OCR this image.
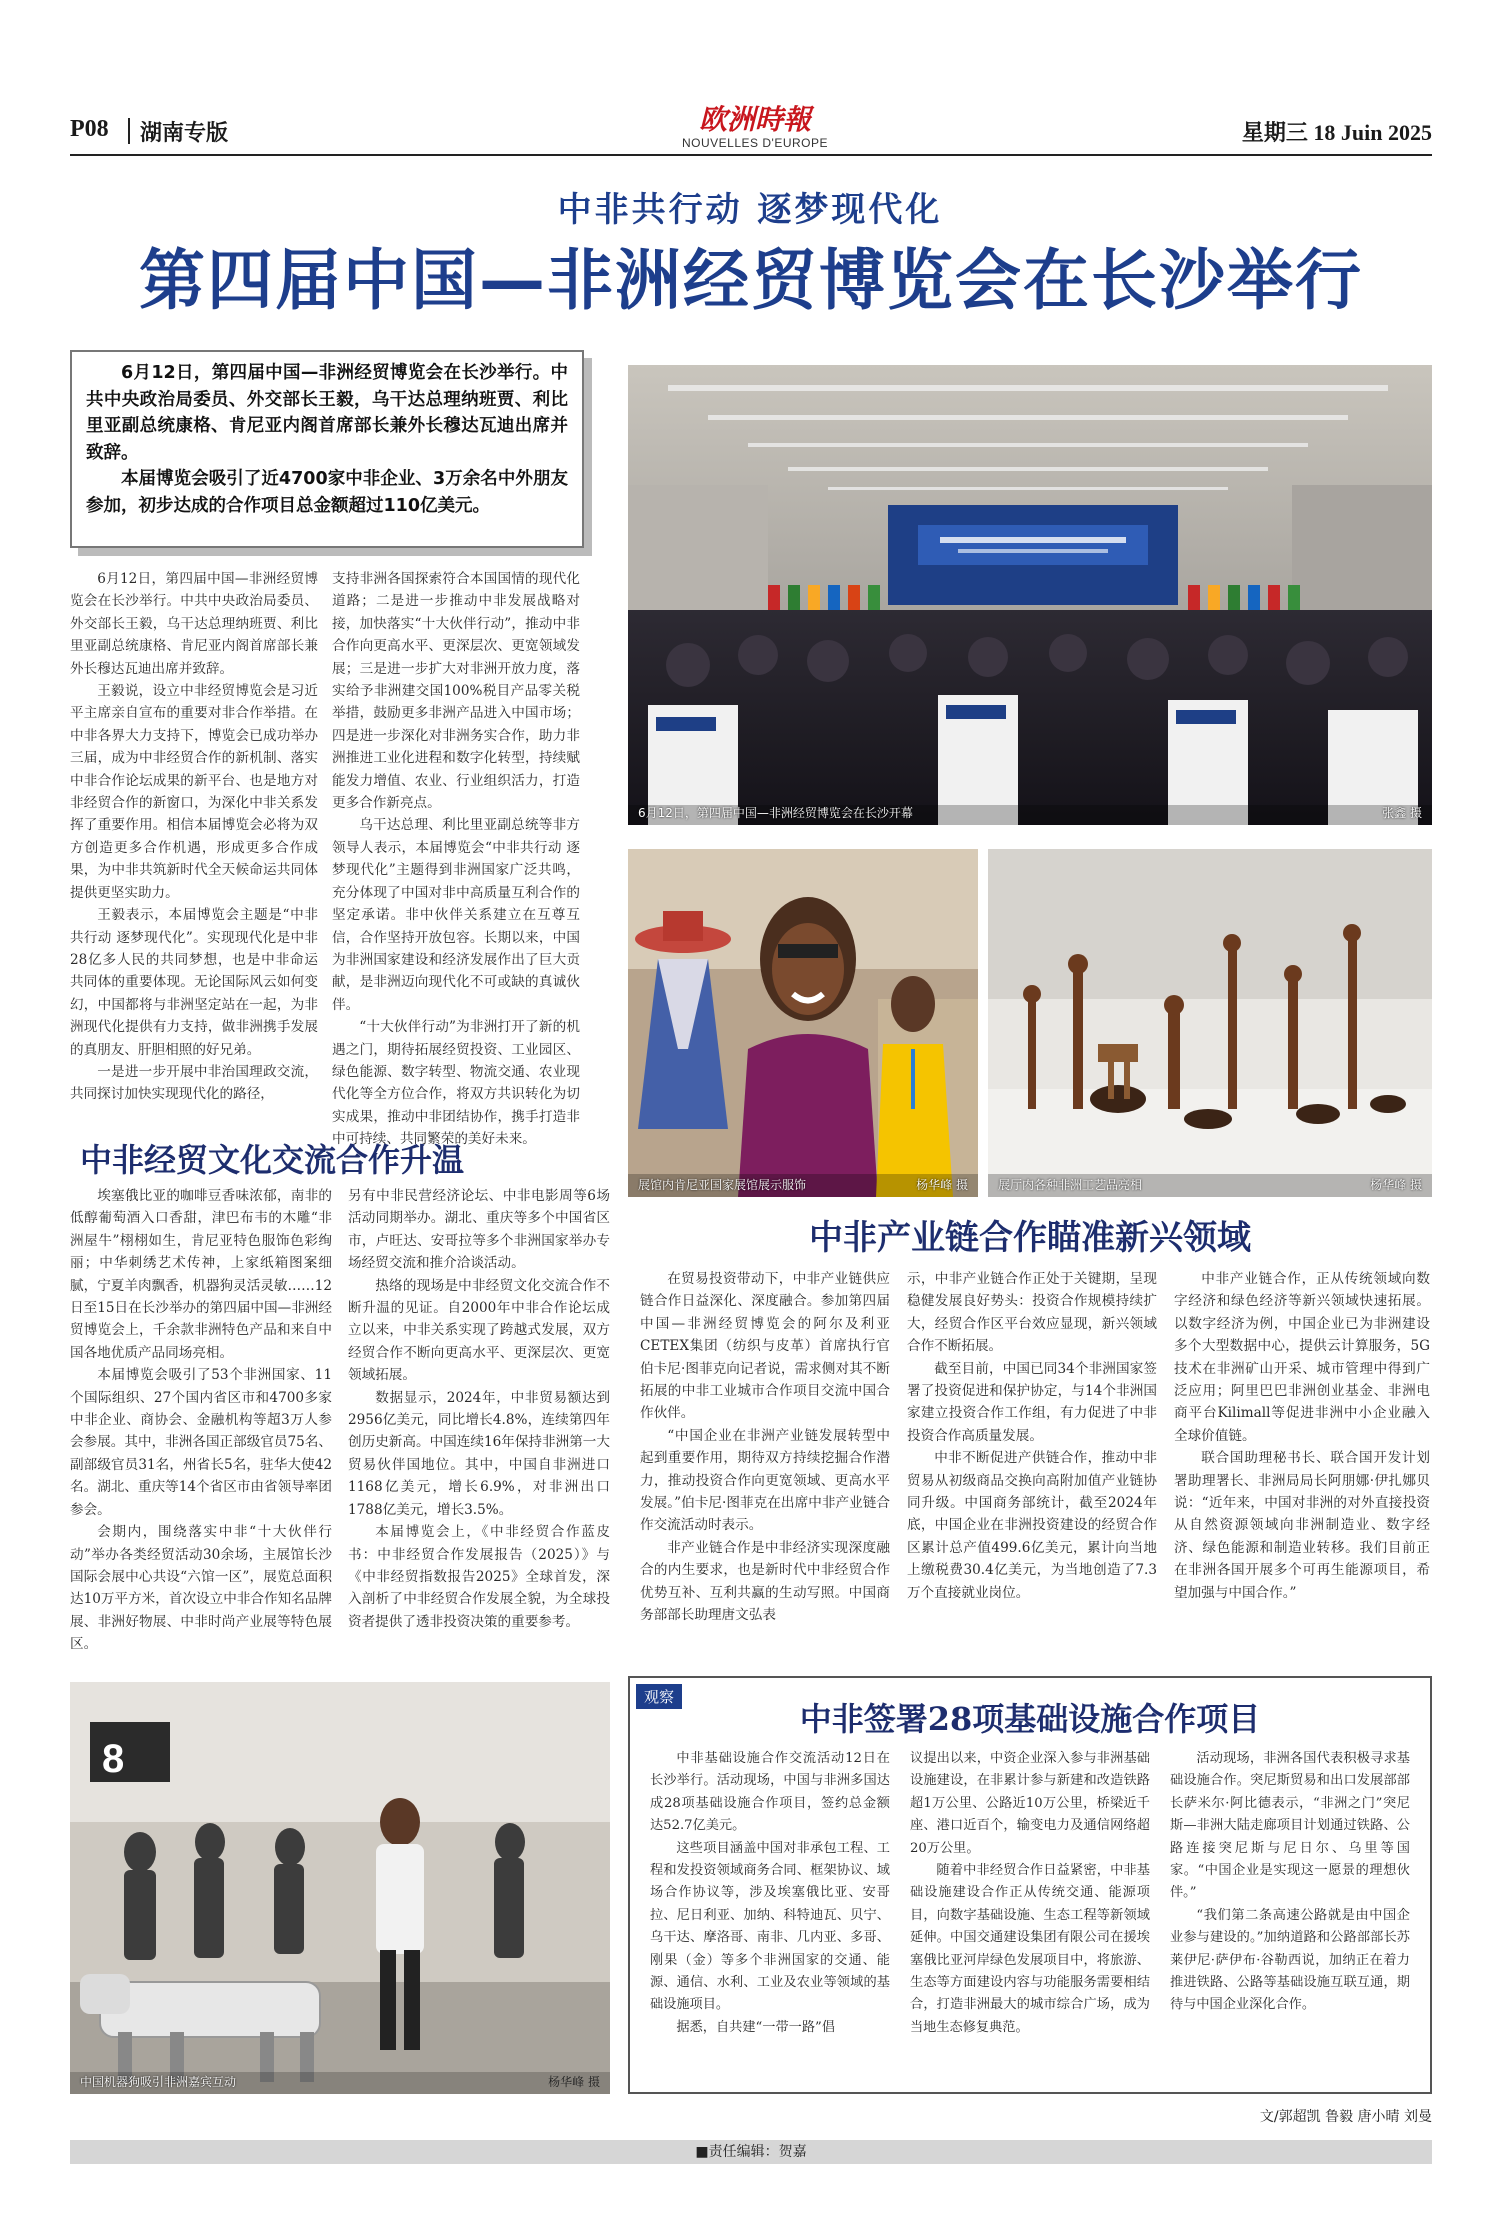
P08 湖南专版	欧洲時報
NOUVELLES D'EUROPE	星期三 18 Juin 2025
中非共行动 逐梦现代化
第四届中国—非洲经贸博览会在长沙举行

6月12日，第四届中国—非洲经贸博览会在长沙举行。中共中央政治局委员、外交部长王毅，乌干达总理纳班贾、利比里亚副总统康格、肯尼亚内阁首席部长兼外长穆达瓦迪出席并致辞。

本届博览会吸引了近4700家中非企业、3万余名中外朋友参加，初步达成的合作项目总金额超过110亿美元。

6月12日，第四届中国—非洲经贸博览会在长沙举行。中共中央政治局委员、外交部长王毅，乌干达总理纳班贾、利比里亚副总统康格、肯尼亚内阁首席部长兼外长穆达瓦迪出席并致辞。

王毅说，设立中非经贸博览会是习近平主席亲自宣布的重要对非合作举措。在中非各界大力支持下，博览会已成功举办三届，成为中非经贸合作的新机制、落实中非合作论坛成果的新平台、也是地方对非经贸合作的新窗口，为深化中非关系发挥了重要作用。相信本届博览会必将为双方创造更多合作机遇，形成更多合作成果，为中非共筑新时代全天候命运共同体提供更坚实助力。

王毅表示，本届博览会主题是“中非共行动 逐梦现代化”。实现现代化是中非28亿多人民的共同梦想，也是中非命运共同体的重要体现。无论国际风云如何变幻，中国都将与非洲坚定站在一起，为非洲现代化提供有力支持，做非洲携手发展的真朋友、肝胆相照的好兄弟。

一是进一步开展中非治国理政交流，共同探讨加快实现现代化的路径，

支持非洲各国探索符合本国国情的现代化道路；二是进一步推动中非发展战略对接，加快落实“十大伙伴行动”，推动中非合作向更高水平、更深层次、更宽领域发展；三是进一步扩大对非洲开放力度，落实给予非洲建交国100%税目产品零关税举措，鼓励更多非洲产品进入中国市场；四是进一步深化对非洲务实合作，助力非洲推进工业化进程和数字化转型，持续赋能发力增值、农业、行业组织活力，打造更多合作新亮点。

乌干达总理、利比里亚副总统等非方领导人表示，本届博览会“中非共行动 逐梦现代化”主题得到非洲国家广泛共鸣，充分体现了中国对非中高质量互利合作的坚定承诺。非中伙伴关系建立在互尊互信，合作坚持开放包容。长期以来，中国为非洲国家建设和经济发展作出了巨大贡献，是非洲迈向现代化不可或缺的真诚伙伴。

“十大伙伴行动”为非洲打开了新的机遇之门，期待拓展经贸投资、工业园区、绿色能源、数字转型、物流交通、农业现代化等全方位合作，将双方共识转化为切实成果，推动中非团结协作，携手打造非中可持续、共同繁荣的美好未来。

6月12日，第四届中国—非洲经贸博览会在长沙开幕	张鑫 摄
展馆内肯尼亚国家展馆展示服饰	杨华峰 摄	展厅内各种非洲工艺品亮相	杨华峰 摄
中非经贸文化交流合作升温

埃塞俄比亚的咖啡豆香味浓郁，南非的低醇葡萄酒入口香甜，津巴布韦的木雕“非洲屋牛”栩栩如生，肯尼亚特色服饰色彩绚丽；中华刺绣艺术传神，上家纸箱图案细腻，宁夏羊肉飘香，机器狗灵活灵敏……12日至15日在长沙举办的第四届中国—非洲经贸博览会上，千余款非洲特色产品和来自中国各地优质产品同场亮相。

本届博览会吸引了53个非洲国家、11个国际组织、27个国内省区市和4700多家中非企业、商协会、金融机构等超3万人参会参展。其中，非洲各国正部级官员75名、副部级官员31名，州省长5名，驻华大使42名。湖北、重庆等14个省区市由省领导率团参会。

会期内，围绕落实中非“十大伙伴行动”举办各类经贸活动30余场，主展馆长沙国际会展中心共设“六馆一区”，展览总面积达10万平方米，首次设立中非合作知名品牌展、非洲好物展、中非时尚产业展等特色展区。

另有中非民营经济论坛、中非电影周等6场活动同期举办。湖北、重庆等多个中国省区市，卢旺达、安哥拉等多个非洲国家举办专场经贸交流和推介洽谈活动。

热络的现场是中非经贸文化交流合作不断升温的见证。自2000年中非合作论坛成立以来，中非关系实现了跨越式发展，双方经贸合作不断向更高水平、更深层次、更宽领域拓展。

数据显示，2024年，中非贸易额达到2956亿美元，同比增长4.8%，连续第四年创历史新高。中国连续16年保持非洲第一大贸易伙伴国地位。其中，中国自非洲进口1168亿美元，增长6.9%，对非洲出口1788亿美元，增长3.5%。

本届博览会上，《中非经贸合作蓝皮书：中非经贸合作发展报告（2025）》与《中非经贸指数报告2025》全球首发，深入剖析了中非经贸合作发展全貌，为全球投资者提供了透非投资决策的重要参考。

中非产业链合作瞄准新兴领域

在贸易投资带动下，中非产业链供应链合作日益深化、深度融合。参加第四届中国—非洲经贸博览会的阿尔及利亚CETEX集团（纺织与皮革）首席执行官伯卡尼·图菲克向记者说，需求侧对其不断拓展的中非工业城市合作项目交流中国合作伙伴。

“中国企业在非洲产业链发展转型中起到重要作用，期待双方持续挖掘合作潜力，推动投资合作向更宽领域、更高水平发展。”伯卡尼·图菲克在出席中非产业链合作交流活动时表示。

非产业链合作是中非经济实现深度融合的内生要求，也是新时代中非经贸合作优势互补、互利共赢的生动写照。中国商务部部长助理唐文弘表

示，中非产业链合作正处于关键期，呈现稳健发展良好势头：投资合作规模持续扩大，经贸合作区平台效应显现，新兴领域合作不断拓展。

截至目前，中国已同34个非洲国家签署了投资促进和保护协定，与14个非洲国家建立投资合作工作组，有力促进了中非投资合作高质量发展。

中非不断促进产供链合作，推动中非贸易从初级商品交换向高附加值产业链协同升级。中国商务部统计，截至2024年底，中国企业在非洲投资建设的经贸合作区累计总产值499.6亿美元，累计向当地上缴税费30.4亿美元，为当地创造了7.3万个直接就业岗位。

中非产业链合作，正从传统领域向数字经济和绿色经济等新兴领域快速拓展。以数字经济为例，中国企业已为非洲建设多个大型数据中心，提供云计算服务，5G技术在非洲矿山开采、城市管理中得到广泛应用；阿里巴巴非洲创业基金、非洲电商平台Kilimall等促进非洲中小企业融入全球价值链。

联合国助理秘书长、联合国开发计划署助理署长、非洲局局长阿朋娜·伊扎娜贝说：“近年来，中国对非洲的对外直接投资从自然资源领域向非洲制造业、数字经济、绿色能源和制造业转移。我们目前正在非洲各国开展多个可再生能源项目，希望加强与中国合作。”

8
中国机器狗吸引非洲嘉宾互动	杨华峰 摄
观察
中非签署28项基础设施合作项目

中非基础设施合作交流活动12日在长沙举行。活动现场，中国与非洲多国达成28项基础设施合作项目，签约总金额达52.7亿美元。

这些项目涵盖中国对非承包工程、工程和发投资领域商务合同、框架协议、域场合作协议等，涉及埃塞俄比亚、安哥拉、尼日利亚、加纳、科特迪瓦、贝宁、乌干达、摩洛哥、南非、几内亚、多哥、刚果（金）等多个非洲国家的交通、能源、通信、水利、工业及农业等领域的基础设施项目。

据悉，自共建“一带一路”倡

议提出以来，中资企业深入参与非洲基础设施建设，在非累计参与新建和改造铁路超1万公里、公路近10万公里，桥梁近千座、港口近百个，输变电力及通信网络超20万公里。

随着中非经贸合作日益紧密，中非基础设施建设合作正从传统交通、能源项目，向数字基础设施、生态工程等新领域延伸。中国交通建设集团有限公司在援埃塞俄比亚河岸绿色发展项目中，将旅游、生态等方面建设内容与功能服务需要相结合，打造非洲最大的城市综合广场，成为当地生态修复典范。

活动现场，非洲各国代表积极寻求基础设施合作。突尼斯贸易和出口发展部部长萨米尔·阿比德表示，“非洲之门”突尼斯—非洲大陆走廊项目计划通过铁路、公路连接突尼斯与尼日尔、乌里等国家。“中国企业是实现这一愿景的理想伙伴。”

“我们第二条高速公路就是由中国企业参与建设的。”加纳道路和公路部部长苏莱伊尼·萨伊布·谷勒西说，加纳正在着力推进铁路、公路等基础设施互联互通，期待与中国企业深化合作。

文/郭超凯 鲁毅 唐小晴 刘曼
■责任编辑：贺嘉
